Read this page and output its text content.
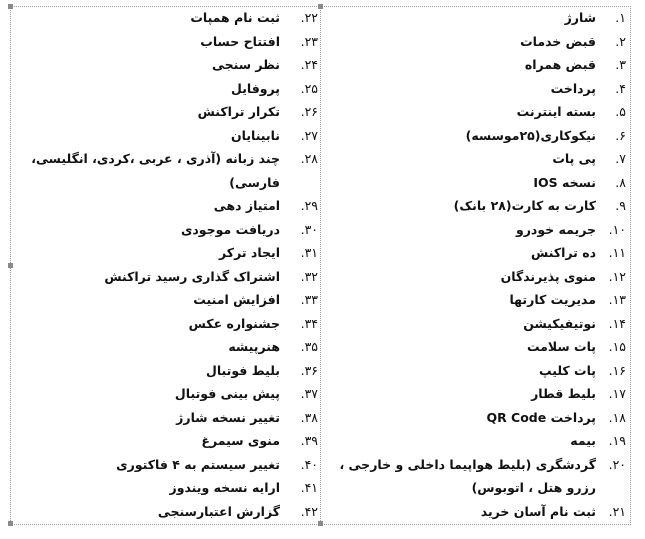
۱.
شارژ
۲.
قبض خدمات
۳.
قبض همراه
۴.
پرداخت
۵.
بسته اینترنت
۶.
نیکوکاری(۲۵موسسه)
۷.
پی پات
۸.
نسخه IOS
۹.
کارت به کارت(۲۸ بانک)
۱۰.
جریمه خودرو
۱۱.
ده تراکنش
۱۲.
منوی پذیرندگان
۱۳.
مدیریت کارتها
۱۴.
نوتیفیکیشن
۱۵.
پات سلامت
۱۶.
پات کلیپ
۱۷.
بلیط قطار
۱۸.
پرداخت QR Code
۱۹.
بیمه
۲۰.
گردشگری (بلیط هواپیما داخلی و خارجی ، رزرو هتل ، اتوبوس)
۲۱.
ثبت نام آسان خرید
۲۲.
ثبت نام همپات
۲۳.
افتتاح حساب
۲۴.
نظر سنجی
۲۵.
پروفایل
۲۶.
تکرار تراکنش
۲۷.
نابینایان
۲۸.
چند زبانه (آذری ، عربی ،کردی، انگلیسی، فارسی)
۲۹.
امتیاز دهی
۳۰.
دریافت موجودی
۳۱.
ایجاد ترکر
۳۲.
اشتراک گذاری رسید تراکنش
۳۳.
افزایش امنیت
۳۴.
جشنواره عکس
۳۵.
هنرپیشه
۳۶.
بلیط فوتبال
۳۷.
پیش بینی فوتبال
۳۸.
تغییر نسخه شارژ
۳۹.
منوی سیمرغ
۴۰.
تغییر سیستم به ۴ فاکتوری
۴۱.
ارایه نسخه ویندوز
۴۲.
گزارش اعتبارسنجی
